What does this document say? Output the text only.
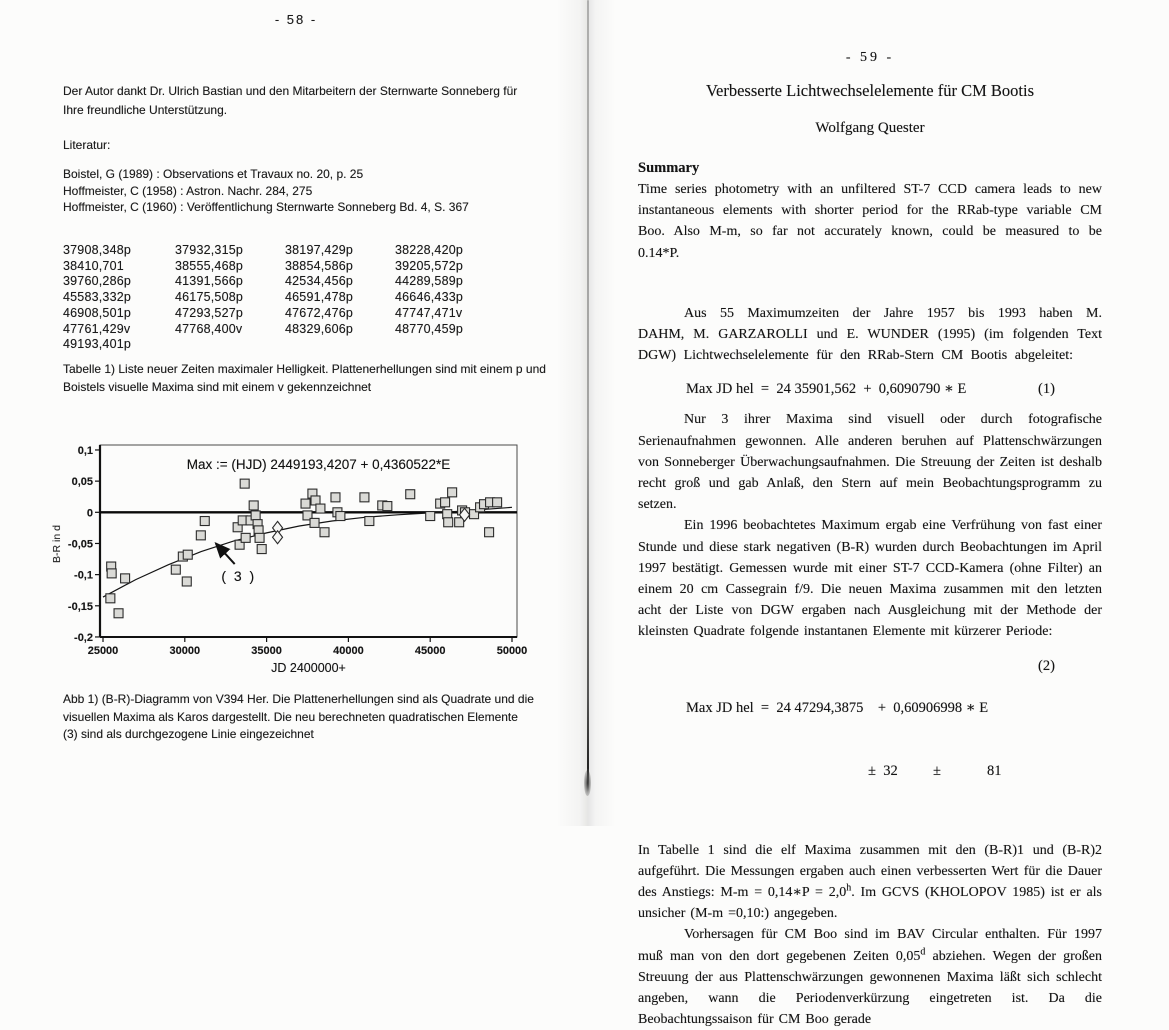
- 58 -

Der Autor dankt Dr. Ulrich Bastian und den Mitarbeitern der Sternwarte Sonneberg für Ihre freundliche Unterstützung.

Literatur:

Boistel, G (1989) : Observations et Travaux no. 20, p. 25
Hoffmeister, C (1958) : Astron. Nachr. 284, 275
Hoffmeister, C (1960) : Veröffentlichung Sternwarte Sonneberg Bd. 4, S. 367
37908,348p	37932,315p	38197,429p	38228,420p
38410,701	38555,468p	38854,586p	39205,572p
39760,286p	41391,566p	42534,456p	44289,589p
45583,332p	46175,508p	46591,478p	46646,433p
46908,501p	47293,527p	47672,476p	47747,471v
47761,429v	47768,400v	48329,606p	48770,459p
49193,401p

Tabelle 1) Liste neuer Zeiten maximaler Helligkeit. Plattenerhellungen sind mit einem p und Boistels visuelle Maxima sind mit einem v gekennzeichnet

25000	30000	35000	40000	45000	50000
0,1
0,05
0
-0,05
-0,1
-0,15
-0,2
JD 2400000+
B-R in d
Max := (HJD) 2449193,4207 + 0,4360522*E
( 3 )

Abb 1) (B-R)-Diagramm von V394 Her. Die Plattenerhellungen sind als Quadrate und die visuellen Maxima als Karos dargestellt. Die neu berechneten quadratischen Elemente (3) sind als durchgezogene Linie eingezeichnet

- 59 -
Verbesserte Lichtwechselelemente für CM Bootis
Wolfgang Quester
Summary

Time series photometry with an unfiltered ST-7 CCD camera leads to new instantaneous elements with shorter period for the RRab-type variable CM Boo. Also M-m, so far not accurately known, could be measured to be 0.14*P.

Aus 55 Maximumzeiten der Jahre 1957 bis 1993 haben M. DAHM, M. GARZAROLLI und E. WUNDER (1995) (im folgenden Text DGW) Lichtwechselelemente für den RRab-Stern CM Bootis abgeleitet:

Max JD hel  =  24 35901,562  +  0,6090790 ∗ E	(1)

Nur 3 ihrer Maxima sind visuell oder durch fotografische Serienaufnahmen gewonnen. Alle anderen beruhen auf Plattenschwärzungen von Sonneberger Überwachungsaufnahmen. Die Streuung der Zeiten ist deshalb recht groß und gab Anlaß, den Stern auf mein Beobachtungsprogramm zu setzen.

Ein 1996 beobachtetes Maximum ergab eine Verfrühung von fast einer Stunde und diese stark negativen (B-R) wurden durch Beobachtungen im April 1997 bestätigt. Gemessen wurde mit einer ST-7 CCD-Kamera (ohne Filter) an einem 20 cm Cassegrain f/9. Die neuen Maxima zusammen mit den letzten acht der Liste von DGW ergaben nach Ausgleichung mit der Methode der kleinsten Quadrate folgende instantanen Elemente mit kürzerer Periode:

Max JD hel  =  24 47294,3875    +  0,60906998 ∗ E
(2)

±  32

±

	81

In Tabelle 1 sind die elf Maxima zusammen mit den (B-R)1 und (B-R)2 aufgeführt. Die Messungen ergaben auch einen verbesserten Wert für die Dauer des Anstiegs: M-m = 0,14∗P = 2,0$^h$. Im GCVS (KHOLOPOV 1985) ist er als unsicher (M-m =0,10:) angegeben.

Vorhersagen für CM Boo sind im BAV Circular enthalten. Für 1997 muß man von den dort gegebenen Zeiten 0,05$^d$ abziehen. Wegen der großen Streuung der aus Plattenschwärzungen gewonnenen Maxima läßt sich schlecht angeben, wann die Periodenverkürzung eingetreten ist. Da die Beobachtungssaison für CM Boo gerade
